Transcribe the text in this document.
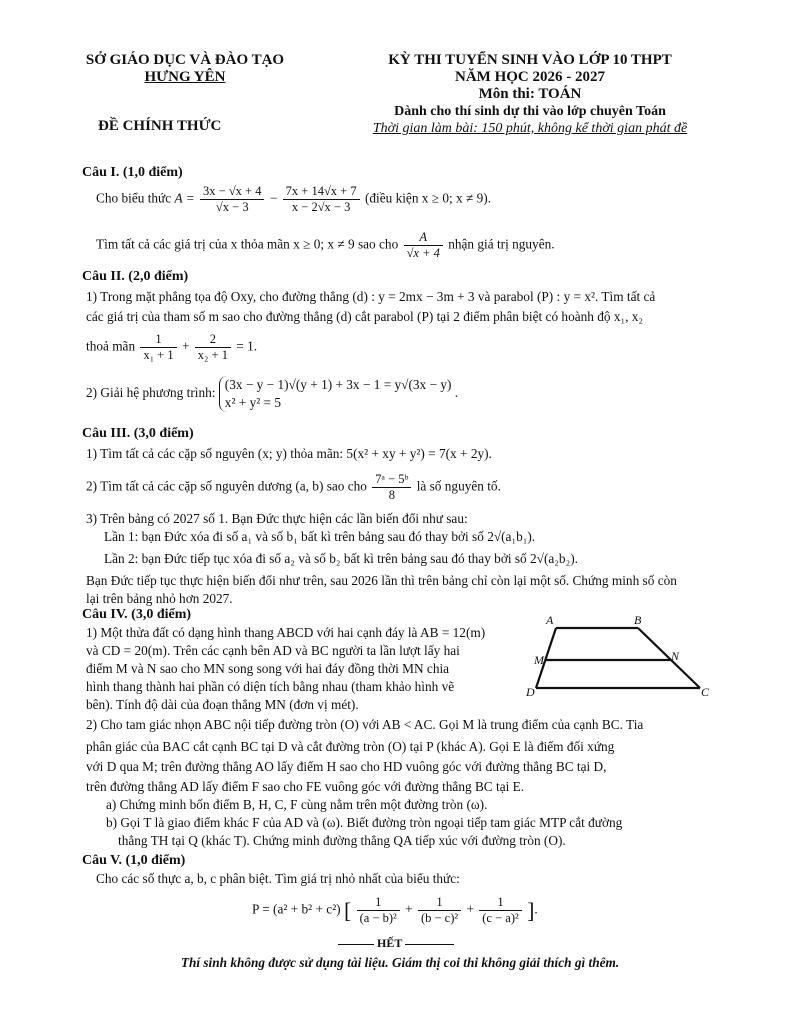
SỞ GIÁO DỤC VÀ ĐÀO TẠO
HƯNG YÊN
ĐỀ CHÍNH THỨC
KỲ THI TUYỂN SINH VÀO LỚP 10 THPT
NĂM HỌC 2026 - 2027
Môn thi: TOÁN
Dành cho thí sinh dự thi vào lớp chuyên Toán
Thời gian làm bài: 150 phút, không kể thời gian phát đề
Câu I. (1,0 điểm)
Cho biểu thức $A = \frac{3x - √x + 4}{√x - 3} - \frac{7x + 14√x + 7}{x - 2√x - 3}$ (điều kiện x ≥ 0; x ≠ 9).
Tìm tất cả các giá trị của x thỏa mãn x ≥ 0; x ≠ 9 sao cho $\frac{A}{√x + 4}$ nhận giá trị nguyên.
Câu II. (2,0 điểm)
1) Trong mặt phẳng tọa độ Oxy, cho đường thẳng (d) : y = 2mx − 3m + 3 và parabol (P) : y = x². Tìm tất cả
các giá trị của tham số m sao cho đường thẳng (d) cắt parabol (P) tại 2 điểm phân biệt có hoành độ x₁, x₂
thoả mãn $\frac{1}{\text{x₁ + 1}} + \frac{2}{\text{x₂ + 1}} = 1$.
2) Giải hệ phương trình:
(3x − y − 1)√(y + 1) + 3x − 1 = y√(3x − y)
x² + y² = 5
.
Câu III. (3,0 điểm)
1) Tìm tất cả các cặp số nguyên (x; y) thỏa mãn: 5(x² + xy + y²) = 7(x + 2y).
2) Tìm tất cả các cặp số nguyên dương (a, b) sao cho $\frac{\text{7ᵃ − 5ᵇ}}{8}$ là số nguyên tố.
3) Trên bảng có 2027 số 1. Bạn Đức thực hiện các lần biến đổi như sau:
Lần 1: bạn Đức xóa đi số a₁ và số b₁ bất kì trên bảng sau đó thay bởi số 2√(a₁b₁).
Lần 2: bạn Đức tiếp tục xóa đi số a₂ và số b₂ bất kì trên bảng sau đó thay bởi số 2√(a₂b₂).
Bạn Đức tiếp tục thực hiện biến đổi như trên, sau 2026 lần thì trên bảng chỉ còn lại một số. Chứng minh số còn
lại trên bảng nhỏ hơn 2027.
Câu IV. (3,0 điểm)
1) Một thửa đất có dạng hình thang ABCD với hai cạnh đáy là AB = 12(m)
và CD = 20(m). Trên các cạnh bên AD và BC người ta lần lượt lấy hai
điểm M và N sao cho MN song song với hai đáy đồng thời MN chia
hình thang thành hai phần có diện tích bằng nhau (tham khảo hình vẽ
bên). Tính độ dài của đoạn thẳng MN (đơn vị mét).
A	B
M	N
D	C
2) Cho tam giác nhọn ABC nội tiếp đường tròn (O) với AB < AC. Gọi M là trung điểm của cạnh BC. Tia
phân giác của BAC cắt cạnh BC tại D và cắt đường tròn (O) tại P (khác A). Gọi E là điểm đối xứng
với D qua M; trên đường thẳng AO lấy điểm H sao cho HD vuông góc với đường thẳng BC tại D,
trên đường thẳng AD lấy điểm F sao cho FE vuông góc với đường thẳng BC tại E.
a) Chứng minh bốn điểm B, H, C, F cùng nằm trên một đường tròn (ω).
b) Gọi T là giao điểm khác F của AD và (ω). Biết đường tròn ngoại tiếp tam giác MTP cắt đường
thẳng TH tại Q (khác T). Chứng minh đường thẳng QA tiếp xúc với đường tròn (O).
Câu V. (1,0 điểm)
Cho các số thực a, b, c phân biệt. Tìm giá trị nhỏ nhất của biểu thức:
P = (a² + b² + c²) [ $\frac{1}{\text{(a − b)²}} + \frac{1}{\text{(b − c)²}} + \frac{1}{\text{(c − a)²}}$ ].
HẾT
Thí sinh không được sử dụng tài liệu. Giám thị coi thi không giải thích gì thêm.
